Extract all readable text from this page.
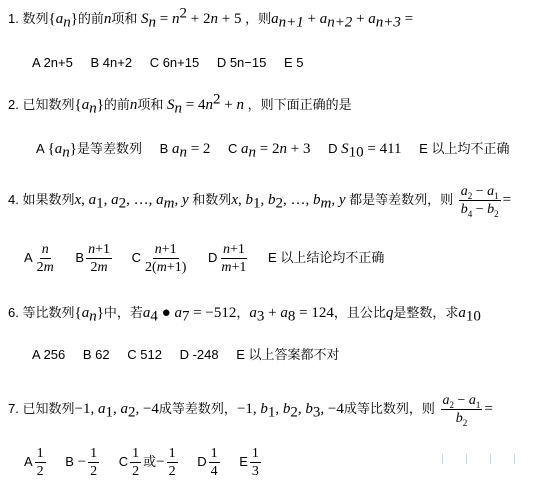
1. 数列$\{a_n\}$的前n项和 $S_n = n^2 + 2n + 5$ ，则$a_{n+1} + a_{n+2} + a_{n+3}$ =
A 2n+5 B 4n+2 C 6n+15 D 5n−15 E 5
2. 已知数列$\{a_n\}$的前n项和 $S_n = 4n^2 + n$ ，则下面正确的是
A $\{a_n\}$是等差数列 B $a_n = 2$ C $a_n = 2n + 3$ D $S_{10} = 411$ E 以上均不正确
4. 如果数列x, $a_1$, $a_2$, …, $a_m$, y 和数列x, $b_1$, $b_2$, …, $b_m$, y 都是等差数列，则 $\frac{a_2 - a_1}{b_4 - b_2}$ =
A $\frac{n}{2m}$ B $\frac{n+1}{2m}$ C $\frac{n+1}{2(m+1)}$ D $\frac{n+1}{m+1}$ E 以上结论均不正确
6. 等比数列$\{a_n\}$中，若$a_4$ ● $a_7 = -512$，$a_3 + a_8 = 124$，且公比q是整数，求$a_{10}$
A 256 B 62 C 512 D -248 E 以上答案都不对
7. 已知数列−1, $a_1$, $a_2$, −4成等差数列，−1, $b_1$, $b_2$, $b_3$, −4成等比数列，则 $\frac{a_2 - a_1}{b_2}$ =
A $\frac{1}{2}$ $B - \frac{1}{2}$ C $\frac{1}{2}$ 或− $\frac{1}{2}$ D $\frac{1}{4}$ E $\frac{1}{3}$
